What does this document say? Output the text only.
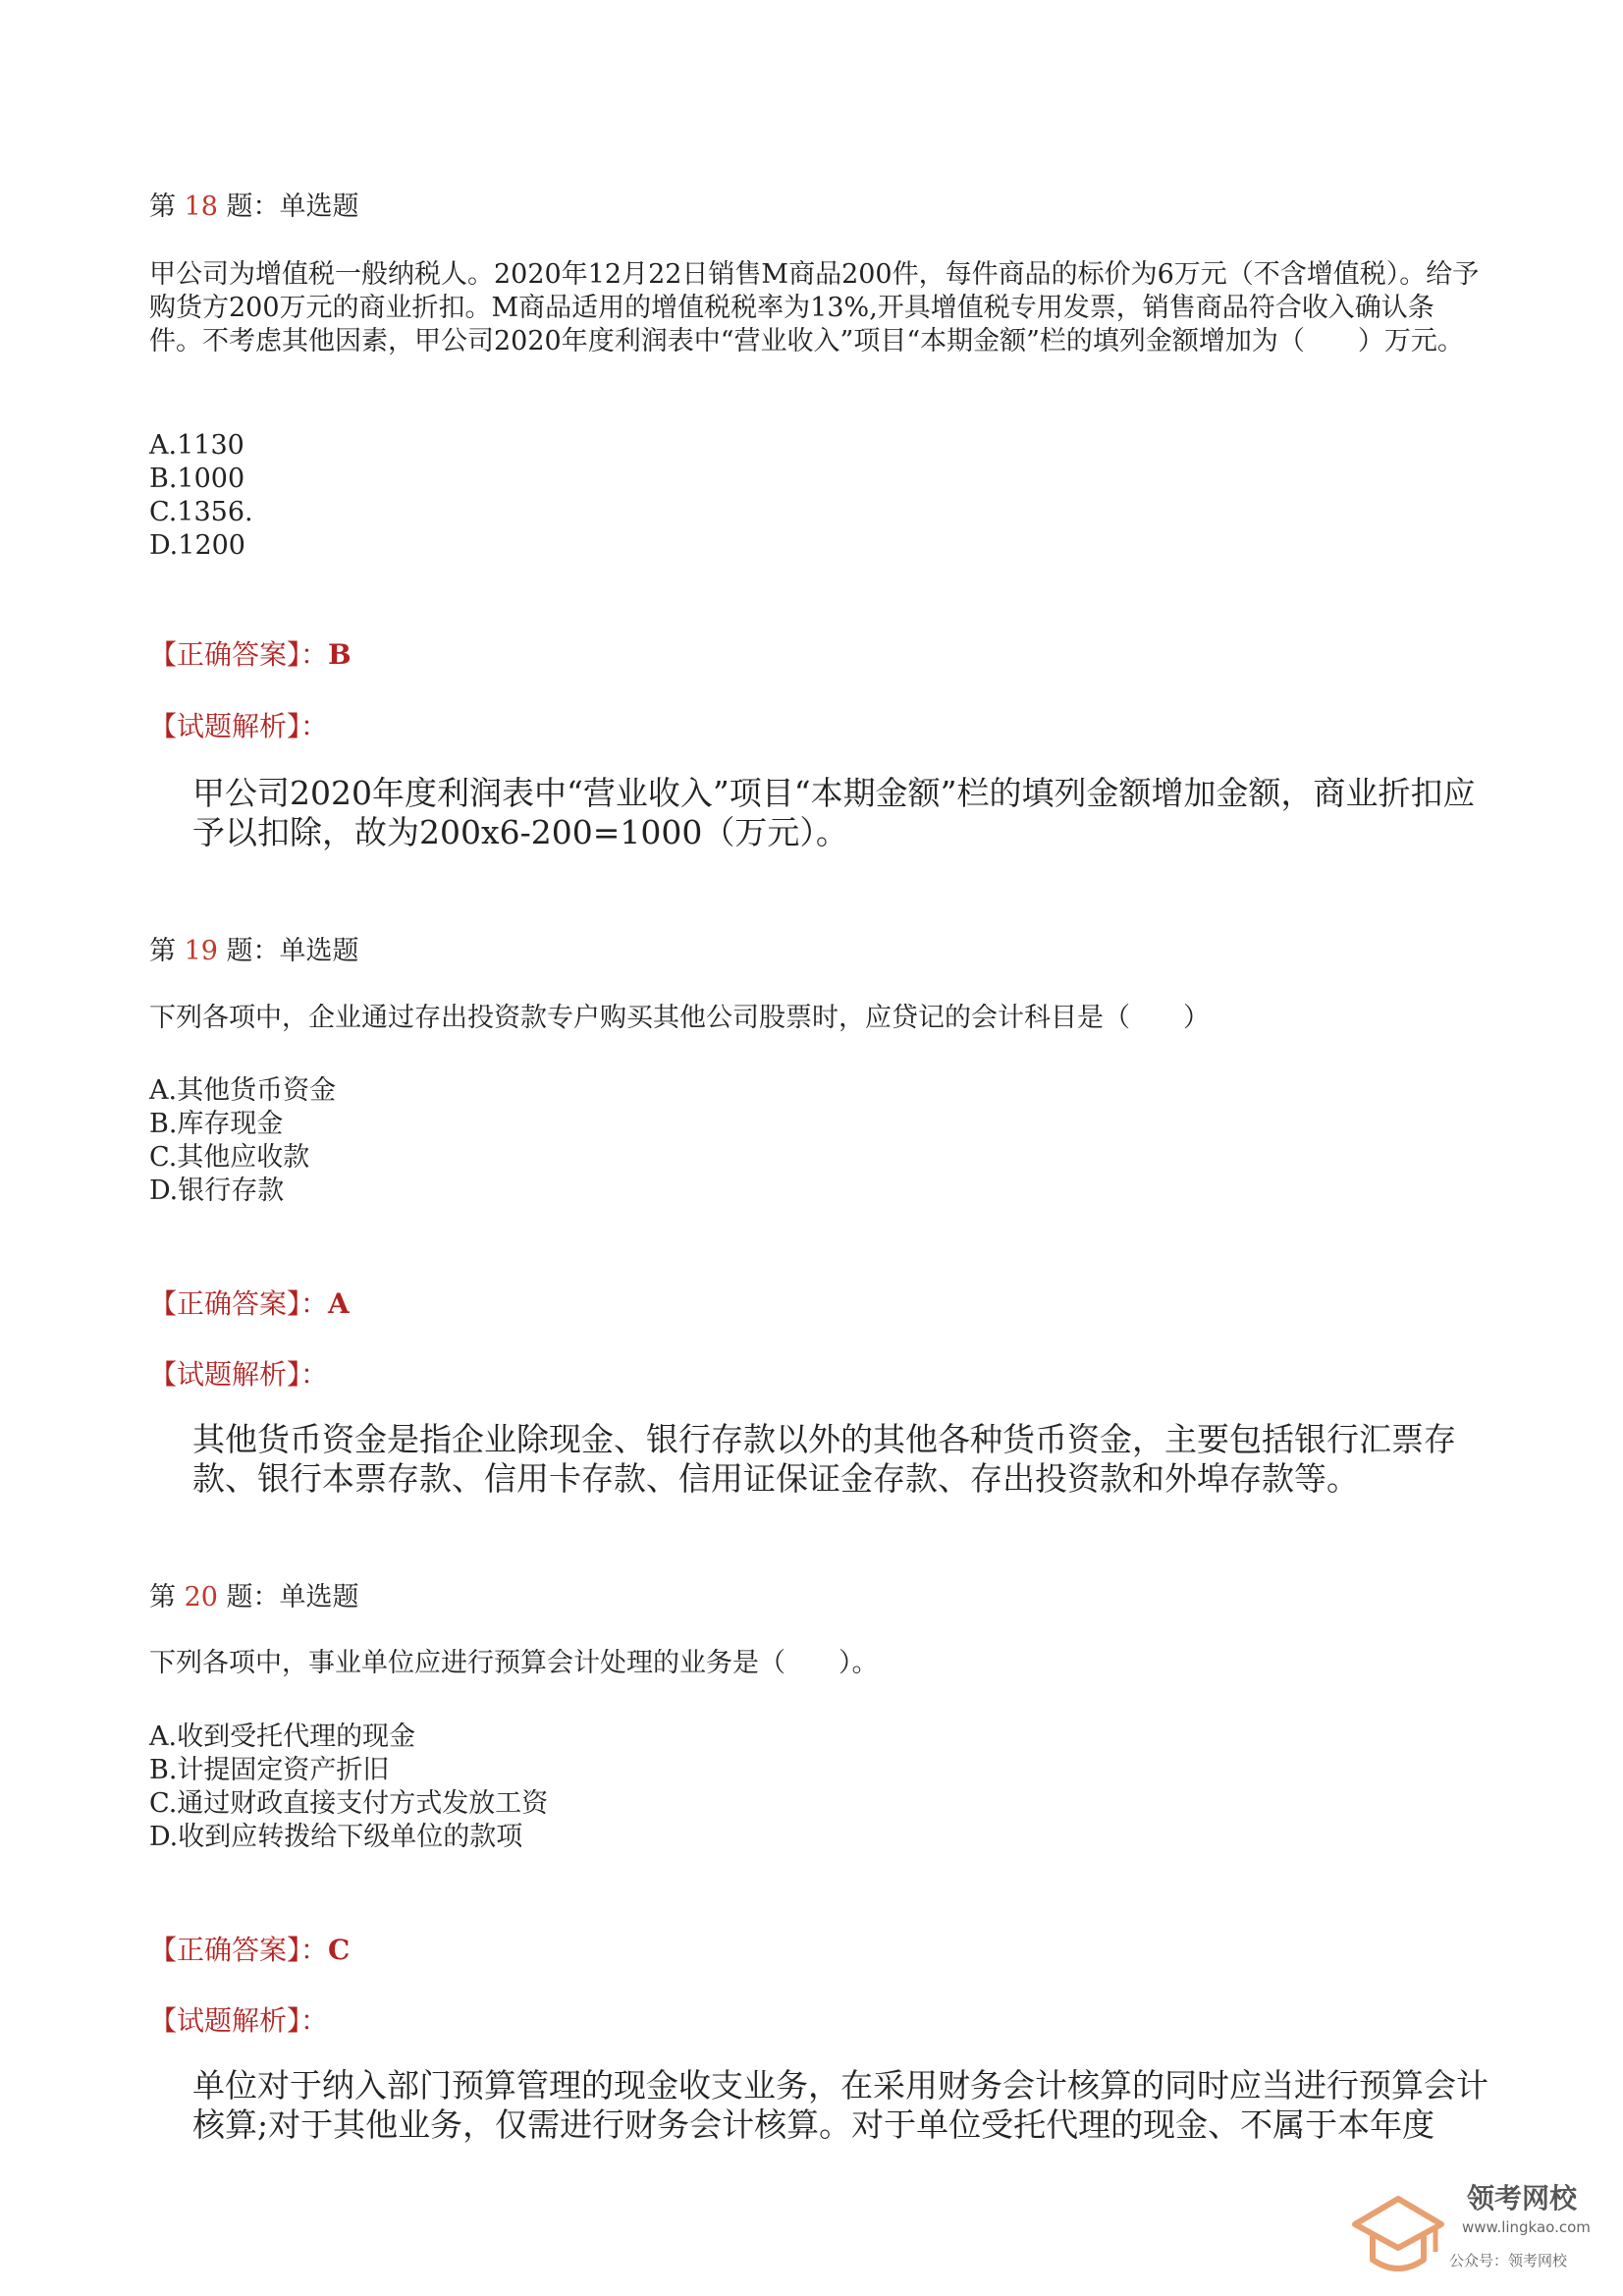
第 18 题：单选题
甲公司为增值税一般纳税人。2020年12月22日销售M商品200件，每件商品的标价为6万元（不含增值税）。给予购货方200万元的商业折扣。M商品适用的增值税税率为13%,开具增值税专用发票，销售商品符合收入确认条件。不考虑其他因素，甲公司2020年度利润表中“营业收入”项目“本期金额”栏的填列金额增加为（　　）万元。
A.1130
B.1000
C.1356.
D.1200
【正确答案】：B
【试题解析】：
甲公司2020年度利润表中“营业收入”项目“本期金额”栏的填列金额增加金额，商业折扣应予以扣除，故为200x6-200=1000（万元）。
第 19 题：单选题
下列各项中，企业通过存出投资款专户购买其他公司股票时，应贷记的会计科目是（　　）
A.其他货币资金
B.库存现金
C.其他应收款
D.银行存款
【正确答案】：A
【试题解析】：
其他货币资金是指企业除现金、银行存款以外的其他各种货币资金，主要包括银行汇票存款、银行本票存款、信用卡存款、信用证保证金存款、存出投资款和外埠存款等。
第 20 题：单选题
下列各项中，事业单位应进行预算会计处理的业务是（　　）。
A.收到受托代理的现金
B.计提固定资产折旧
C.通过财政直接支付方式发放工资
D.收到应转拨给下级单位的款项
【正确答案】：C
【试题解析】：
单位对于纳入部门预算管理的现金收支业务，在采用财务会计核算的同时应当进行预算会计核算;对于其他业务，仅需进行财务会计核算。对于单位受托代理的现金、不属于本年度
领考网校
www.lingkao.com
公众号：领考网校
